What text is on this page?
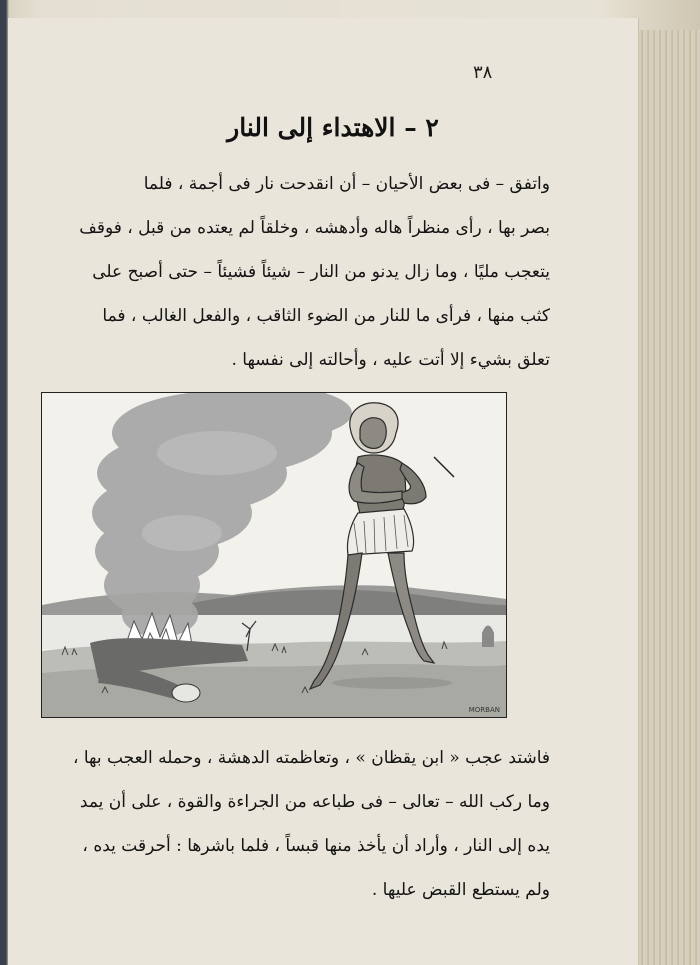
٣٨
٢ – الاهتداء إلى النار
واتفق – فى بعض الأحيان – أن انقدحت نار فى أجمة ، فلما
بصر بها ، رأى منظراً هاله وأدهشه ، وخلقاً لم يعتده من قبل ، فوقف
يتعجب مليًا ، وما زال يدنو من النار – شيئاً فشيئاً – حتى أصبح على
كثب منها ، فرأى ما للنار من الضوء الثاقب ، والفعل الغالب ، فما
تعلق بشيء إلا أتت عليه ، وأحالته إلى نفسها .
MORBAN
فاشتد عجب « ابن يقظان » ، وتعاظمته الدهشة ، وحمله العجب بها ،
وما ركب الله – تعالى – فى طباعه من الجراءة والقوة ، على أن يمد
يده إلى النار ، وأراد أن يأخذ منها قبساً ، فلما باشرها : أحرقت يده ،
ولم يستطع القبض عليها .
